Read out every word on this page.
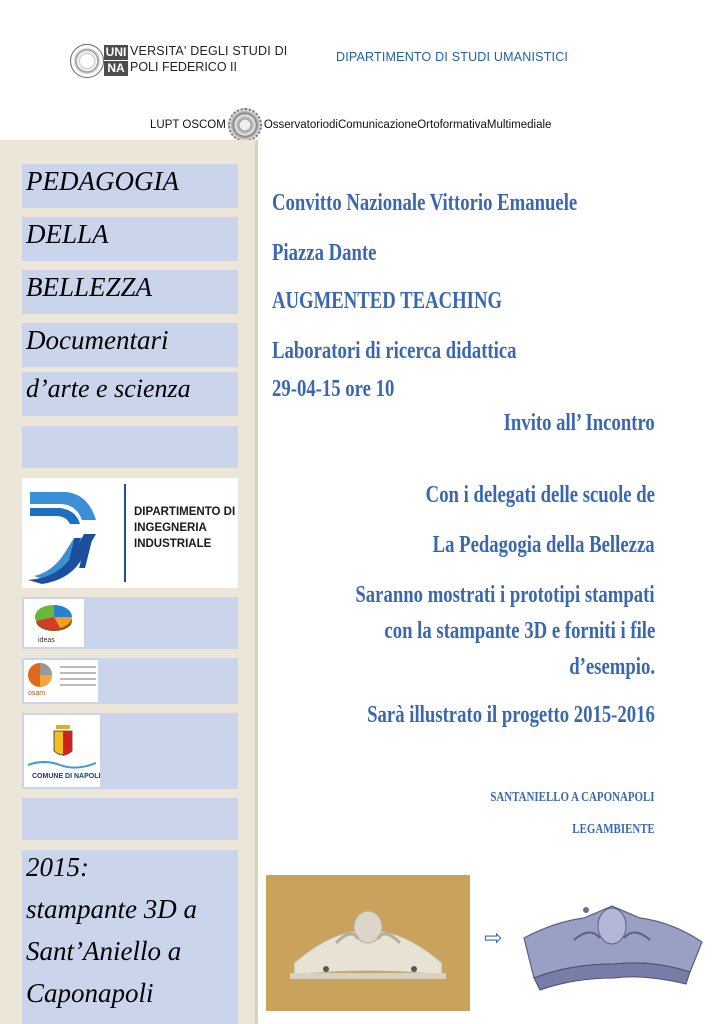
UNI
NA
VERSITA' DEGLI STUDI DI
POLI FEDERICO II
DIPARTIMENTO DI STUDI UMANISTICI
LUPT OSCOM	OsservatoriodiComunicazioneOrtoformativaMultimediale
PEDAGOGIA
DELLA
BELLEZZA
Documentari
d’arte e scienza
DIPARTIMENTO DI
INGEGNERIA
INDUSTRIALE
ideas
osam
COMUNE DI NAPOLI
2015:
stampante 3D a
Sant’Aniello a
Caponapoli
Convitto Nazionale Vittorio Emanuele
Piazza Dante
AUGMENTED TEACHING
Laboratori di ricerca didattica
29-04-15 ore 10
Invito all’ Incontro
Con i delegati delle scuole de
La Pedagogia della Bellezza
Saranno mostrati i prototipi stampati
con la stampante 3D e forniti i file
d’esempio.
Sarà illustrato il progetto 2015-2016
SANTANIELLO A CAPONAPOLI
LEGAMBIENTE
⇨
